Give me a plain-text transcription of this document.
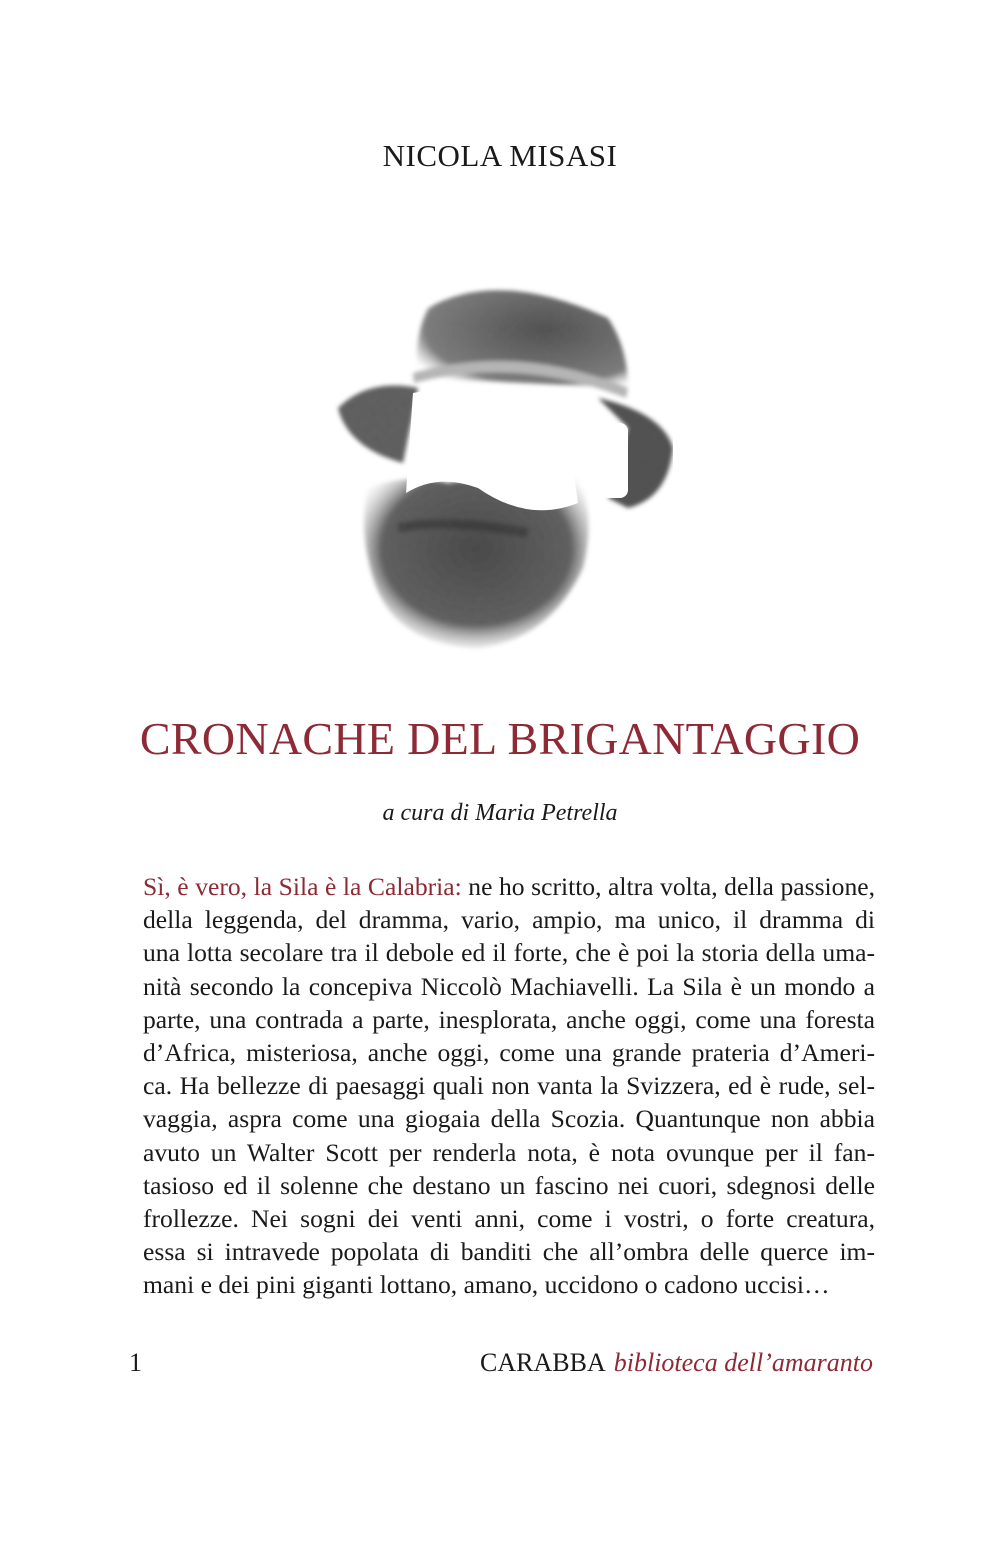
NICOLA MISASI
CRONACHE DEL BRIGANTAGGIO
a cura di Maria Petrella
Sì, è vero, la Sila è la Calabria: ne ho scritto, altra volta, della passione,
della leggenda, del dramma, vario, ampio, ma unico, il dramma di
una lotta secolare tra il debole ed il forte, che è poi la storia della uma-
nità secondo la concepiva Niccolò Machiavelli. La Sila è un mondo a
parte, una contrada a parte, inesplorata, anche oggi, come una foresta
d’Africa, misteriosa, anche oggi, come una grande prateria d’Ameri-
ca. Ha bellezze di paesaggi quali non vanta la Svizzera, ed è rude, sel-
vaggia, aspra come una giogaia della Scozia. Quantunque non abbia
avuto un Walter Scott per renderla nota, è nota ovunque per il fan-
tasioso ed il solenne che destano un fascino nei cuori, sdegnosi delle
frollezze. Nei sogni dei venti anni, come i vostri, o forte creatura,
essa si intravede popolata di banditi che all’ombra delle querce im-
mani e dei pini giganti lottano, amano, uccidono o cadono uccisi…
1	CARABBA biblioteca dell’amaranto
